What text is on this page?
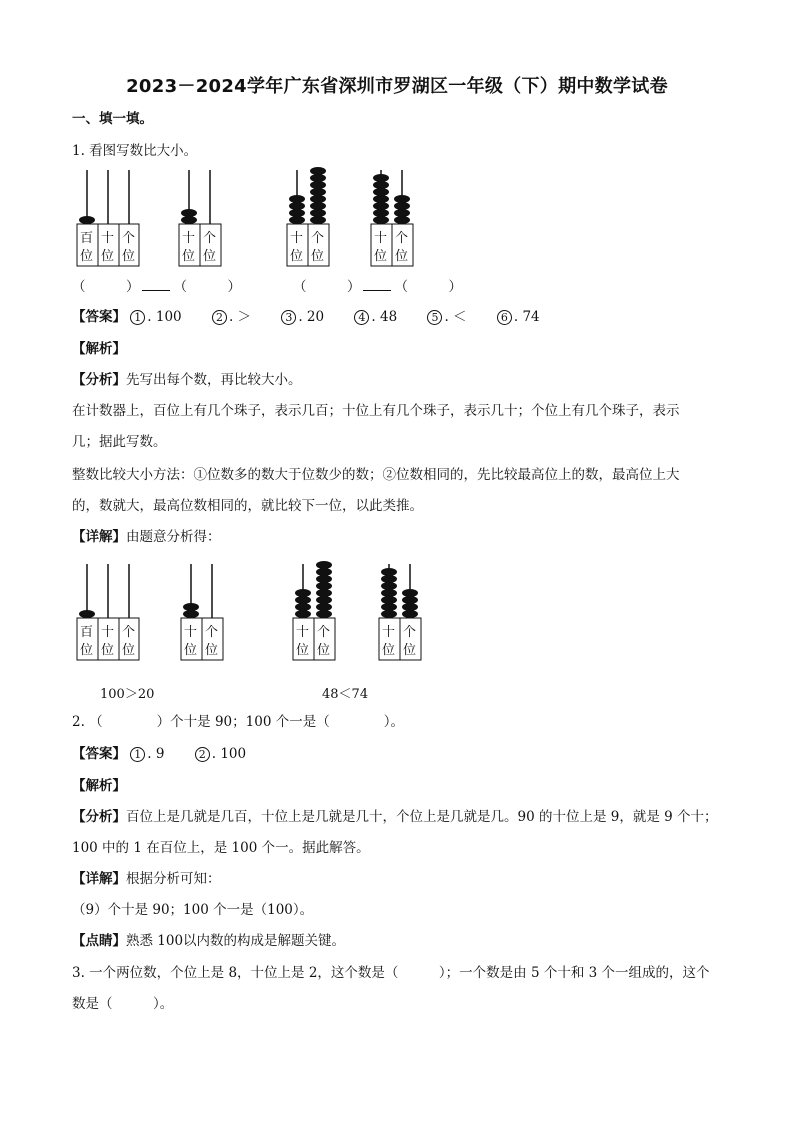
2023－2024学年广东省深圳市罗湖区一年级（下）期中数学试卷
一、填一填。
1. 看图写数比大小。
百
位
十
位
个
位
十
位
个
位
十
位
个
位
十
位
个
位
（　　　）	（　　　）	（　　　）	（　　　）
【答案】 1 . 100	2 . ＞	3 . 20	4 . 48	5 . ＜	6 . 74
【解析】
【分析】先写出每个数，再比较大小。
在计数器上，百位上有几个珠子，表示几百；十位上有几个珠子，表示几十；个位上有几个珠子，表示
几；据此写数。
整数比较大小方法：①位数多的数大于位数少的数；②位数相同的，先比较最高位上的数，最高位上大
的，数就大，最高位数相同的，就比较下一位，以此类推。
【详解】由题意分析得：
百
位
十
位
个
位
十
位
个
位
十
位
个
位
十
位
个
位
100＞20	48＜74
2. （　　　　）个十是 90；100 个一是（　　　　）。
【答案】 1 . 9	2 . 100
【解析】
【分析】百位上是几就是几百，十位上是几就是几十，个位上是几就是几。90 的十位上是 9，就是 9 个十；
100 中的 1 在百位上，是 100 个一。据此解答。
【详解】根据分析可知：
（9）个十是 90；100 个一是（100）。
【点睛】熟悉 100以内数的构成是解题关键。
3. 一个两位数，个位上是 8，十位上是 2，这个数是（　　　）；一个数是由 5 个十和 3 个一组成的，这个
数是（　　　）。
